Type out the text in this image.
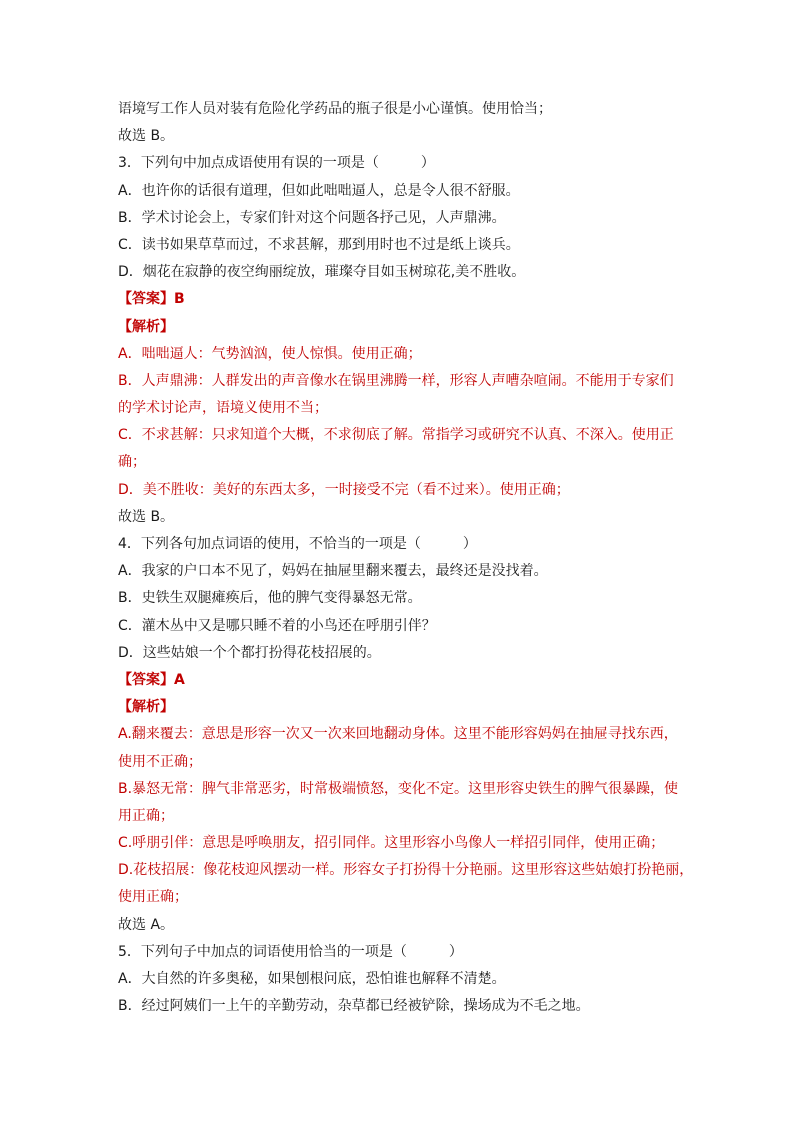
语境写工作人员对装有危险化学药品的瓶子很是小心谨慎。使用恰当；
故选 B。
3．下列句中加点成语使用有误的一项是（　　　）
A．也许你的话很有道理，但如此咄咄逼人，总是令人很不舒服。
B．学术讨论会上，专家们针对这个问题各抒己见，人声鼎沸。
C．读书如果草草而过，不求甚解，那到用时也不过是纸上谈兵。
D．烟花在寂静的夜空绚丽绽放，璀璨夺目如玉树琼花,美不胜收。
【答案】B
【解析】
A．咄咄逼人：气势汹汹，使人惊惧。使用正确；
B．人声鼎沸：人群发出的声音像水在锅里沸腾一样，形容人声嘈杂喧闹。不能用于专家们
的学术讨论声，语境义使用不当；
C．不求甚解：只求知道个大概，不求彻底了解。常指学习或研究不认真、不深入。使用正
确；
D．美不胜收：美好的东西太多，一时接受不完（看不过来）。使用正确；
故选 B。
4．下列各句加点词语的使用，不恰当的一项是（　　　）
A．我家的户口本不见了，妈妈在抽屉里翻来覆去，最终还是没找着。
B．史铁生双腿瘫痪后，他的脾气变得暴怒无常。
C．灌木丛中又是哪只睡不着的小鸟还在呼朋引伴？
D．这些姑娘一个个都打扮得花枝招展的。
【答案】A
【解析】
A.翻来覆去：意思是形容一次又一次来回地翻动身体。这里不能形容妈妈在抽屉寻找东西，
使用不正确；
B.暴怒无常：脾气非常恶劣，时常极端愤怒，变化不定。这里形容史铁生的脾气很暴躁，使
用正确；
C.呼朋引伴：意思是呼唤朋友，招引同伴。这里形容小鸟像人一样招引同伴，使用正确；
D.花枝招展：像花枝迎风摆动一样。形容女子打扮得十分艳丽。这里形容这些姑娘打扮艳丽，
使用正确；
故选 A。
5．下列句子中加点的词语使用恰当的一项是（　　　）
A．大自然的许多奥秘，如果刨根问底，恐怕谁也解释不清楚。
B．经过阿姨们一上午的辛勤劳动，杂草都已经被铲除，操场成为不毛之地。
